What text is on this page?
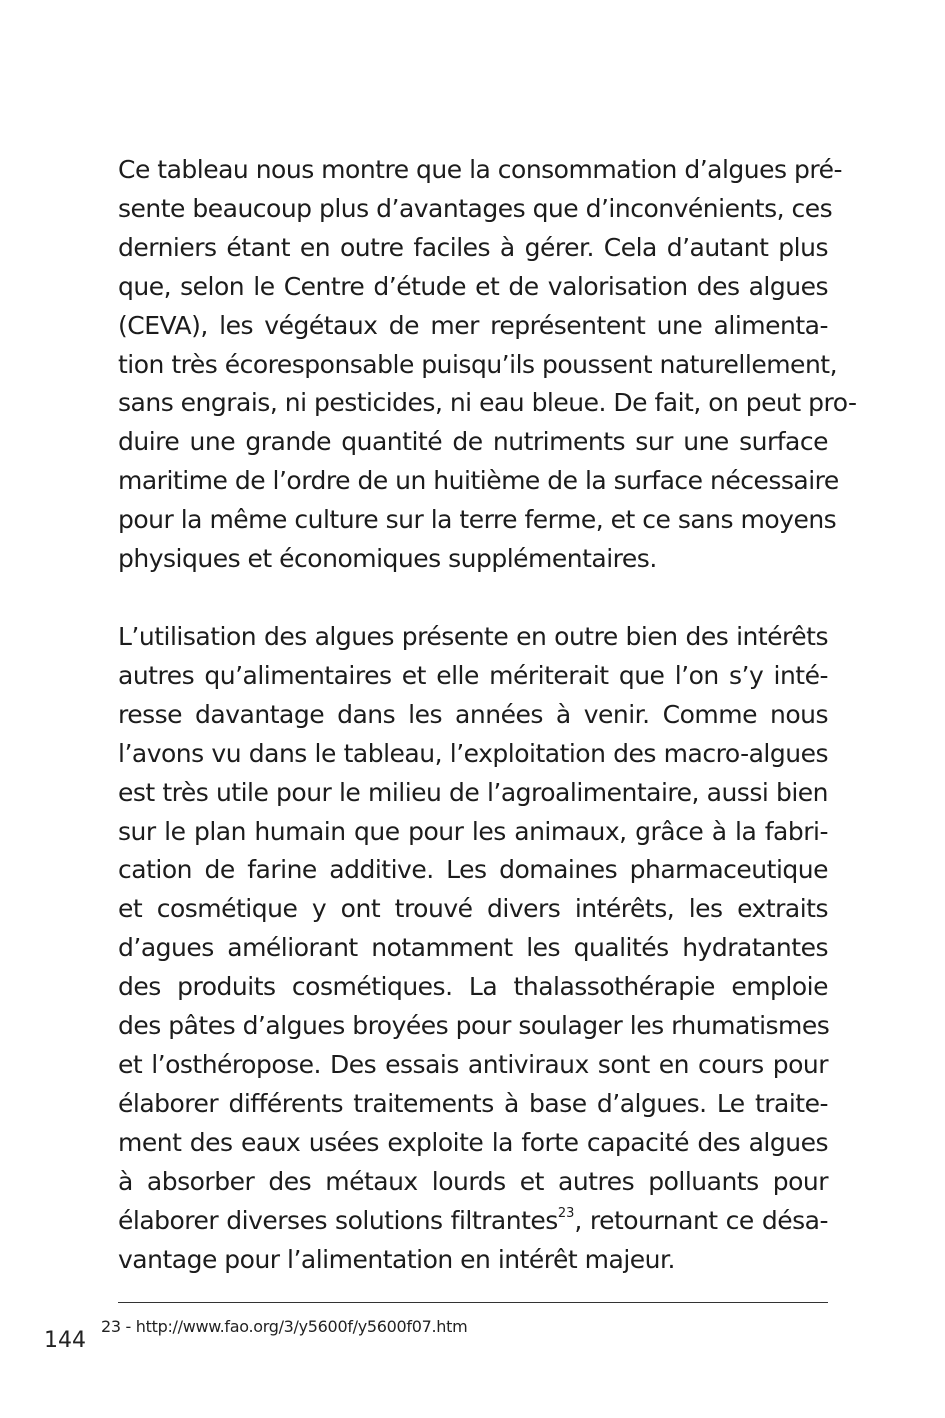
Ce tableau nous montre que la consommation d’algues pré-
sente beaucoup plus d’avantages que d’inconvénients, ces
derniers étant en outre faciles à gérer. Cela d’autant plus
que, selon le Centre d’étude et de valorisation des algues
(CEVA), les végétaux de mer représentent une alimenta-
tion très écoresponsable puisqu’ils poussent naturellement,
sans engrais, ni pesticides, ni eau bleue. De fait, on peut pro-
duire une grande quantité de nutriments sur une surface
maritime de l’ordre de un huitième de la surface nécessaire
pour la même culture sur la terre ferme, et ce sans moyens
physiques et économiques supplémentaires.

L’utilisation des algues présente en outre bien des intérêts
autres qu’alimentaires et elle mériterait que l’on s’y inté-
resse davantage dans les années à venir. Comme nous
l’avons vu dans le tableau, l’exploitation des macro-algues
est très utile pour le milieu de l’agroalimentaire, aussi bien
sur le plan humain que pour les animaux, grâce à la fabri-
cation de farine additive. Les domaines pharmaceutique
et cosmétique y ont trouvé divers intérêts, les extraits
d’agues améliorant notamment les qualités hydratantes
des produits cosmétiques. La thalassothérapie emploie
des pâtes d’algues broyées pour soulager les rhumatismes
et l’osthéropose. Des essais antiviraux sont en cours pour
élaborer différents traitements à base d’algues. Le traite-
ment des eaux usées exploite la forte capacité des algues
à absorber des métaux lourds et autres polluants pour
élaborer diverses solutions filtrantes$^{23}$, retournant ce désa-
vantage pour l’alimentation en intérêt majeur.

23 - http://www.fao.org/3/y5600f/y5600f07.htm
144
